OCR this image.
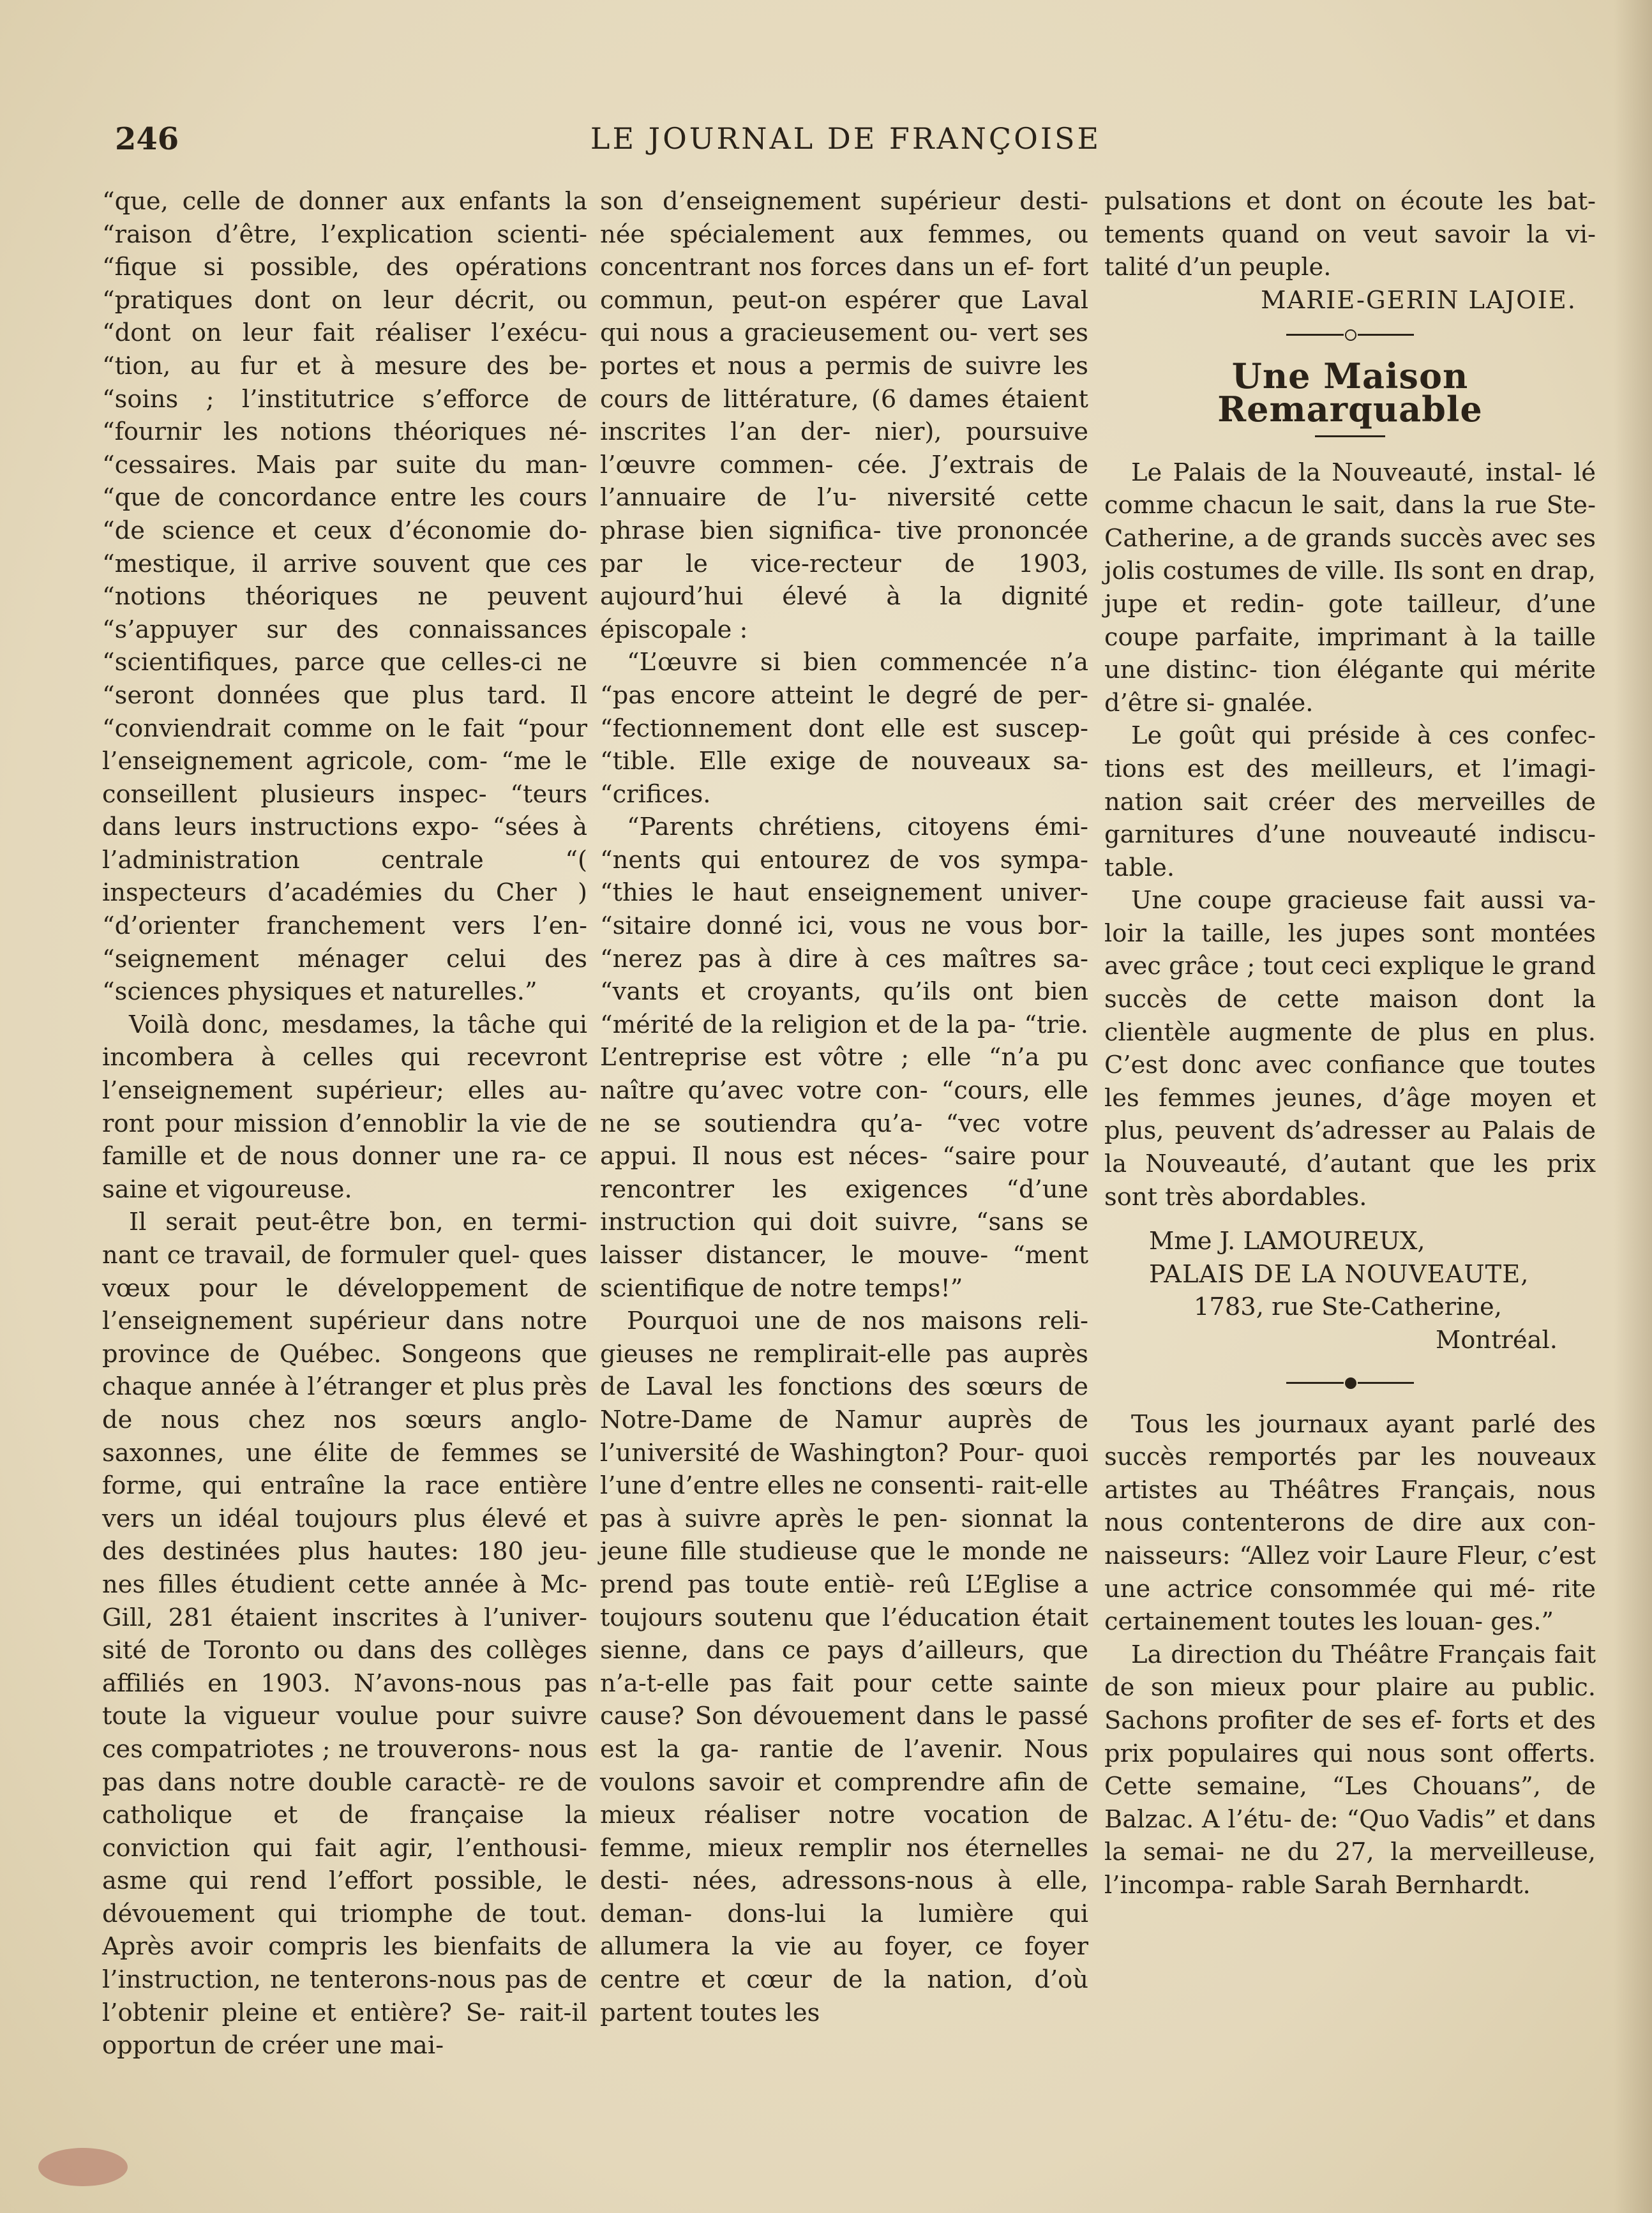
246	LE JOURNAL DE FRANÇOISE

“que, celle de donner aux enfants la “raison d’être, l’explication scienti- “fique si possible, des opérations “pratiques dont on leur décrit, ou “dont on leur fait réaliser l’exécu- “tion, au fur et à mesure des be- “soins ; l’institutrice s’efforce de “fournir les notions théoriques né- “cessaires. Mais par suite du man- “que de concordance entre les cours “de science et ceux d’économie do- “mestique, il arrive souvent que ces “notions théoriques ne peuvent “s’appuyer sur des connaissances “scientifiques, parce que celles-ci ne “seront données que plus tard. Il “conviendrait comme on le fait “pour l’enseignement agricole, com- “me le conseillent plusieurs inspec- “teurs dans leurs instructions expo- “sées à l’administration centrale “( inspecteurs d’académies du Cher ) “d’orienter franchement vers l’en- “seignement ménager celui des “sciences physiques et naturelles.”

Voilà donc, mesdames, la tâche qui incombera à celles qui recevront l’enseignement supérieur; elles au- ront pour mission d’ennoblir la vie de famille et de nous donner une ra- ce saine et vigoureuse.

Il serait peut-être bon, en termi- nant ce travail, de formuler quel- ques vœux pour le développement de l’enseignement supérieur dans notre province de Québec. Songeons que chaque année à l’étranger et plus près de nous chez nos sœurs anglo- saxonnes, une élite de femmes se forme, qui entraîne la race entière vers un idéal toujours plus élevé et des destinées plus hautes: 180 jeu- nes filles étudient cette année à Mc- Gill, 281 étaient inscrites à l’univer- sité de Toronto ou dans des collèges affiliés en 1903. N’avons-nous pas toute la vigueur voulue pour suivre ces compatriotes ; ne trouverons- nous pas dans notre double caractè- re de catholique et de française la conviction qui fait agir, l’enthousi- asme qui rend l’effort possible, le dévouement qui triomphe de tout. Après avoir compris les bienfaits de l’instruction, ne tenterons-nous pas de l’obtenir pleine et entière? Se- rait-il opportun de créer une mai-

son d’enseignement supérieur desti- née spécialement aux femmes, ou concentrant nos forces dans un ef- fort commun, peut-on espérer que Laval qui nous a gracieusement ou- vert ses portes et nous a permis de suivre les cours de littérature, (6 dames étaient inscrites l’an der- nier), poursuive l’œuvre commen- cée. J’extrais de l’annuaire de l’u- niversité cette phrase bien significa- tive prononcée par le vice-recteur de 1903, aujourd’hui élevé à la dignité épiscopale :

“L’œuvre si bien commencée n’a “pas encore atteint le degré de per- “fectionnement dont elle est suscep- “tible. Elle exige de nouveaux sa- “crifices.

“Parents chrétiens, citoyens émi- “nents qui entourez de vos sympa- “thies le haut enseignement univer- “sitaire donné ici, vous ne vous bor- “nerez pas à dire à ces maîtres sa- “vants et croyants, qu’ils ont bien “mérité de la religion et de la pa- “trie. L’entreprise est vôtre ; elle “n’a pu naître qu’avec votre con- “cours, elle ne se soutiendra qu’a- “vec votre appui. Il nous est néces- “saire pour rencontrer les exigences “d’une instruction qui doit suivre, “sans se laisser distancer, le mouve- “ment scientifique de notre temps!”

Pourquoi une de nos maisons reli- gieuses ne remplirait-elle pas auprès de Laval les fonctions des sœurs de Notre-Dame de Namur auprès de l’université de Washington? Pour- quoi l’une d’entre elles ne consenti- rait-elle pas à suivre après le pen- sionnat la jeune fille studieuse que le monde ne prend pas toute entiè- reû L’Eglise a toujours soutenu que l’éducation était sienne, dans ce pays d’ailleurs, que n’a-t-elle pas fait pour cette sainte cause? Son dévouement dans le passé est la ga- rantie de l’avenir. Nous voulons savoir et comprendre afin de mieux réaliser notre vocation de femme, mieux remplir nos éternelles desti- nées, adressons-nous à elle, deman- dons-lui la lumière qui allumera la vie au foyer, ce foyer centre et cœur de la nation, d’où partent toutes les

pulsations et dont on écoute les bat- tements quand on veut savoir la vi- talité d’un peuple.

MARIE-GERIN LAJOIE.
Une Maison Remarquable

Le Palais de la Nouveauté, instal- lé comme chacun le sait, dans la rue Ste-Catherine, a de grands succès avec ses jolis costumes de ville. Ils sont en drap, jupe et redin- gote tailleur, d’une coupe parfaite, imprimant à la taille une distinc- tion élégante qui mérite d’être si- gnalée.

Le goût qui préside à ces confec- tions est des meilleurs, et l’imagi- nation sait créer des merveilles de garnitures d’une nouveauté indiscu- table.

Une coupe gracieuse fait aussi va- loir la taille, les jupes sont montées avec grâce ; tout ceci explique le grand succès de cette maison dont la clientèle augmente de plus en plus. C’est donc avec confiance que toutes les femmes jeunes, d’âge moyen et plus, peuvent ds’adresser au Palais de la Nouveauté, d’autant que les prix sont très abordables.

Mme J. LAMOUREUX,

PALAIS DE LA NOUVEAUTE,

1783, rue Ste-Catherine,

Montréal.

Tous les journaux ayant parlé des succès remportés par les nouveaux artistes au Théâtres Français, nous nous contenterons de dire aux con- naisseurs: “Allez voir Laure Fleur, c’est une actrice consommée qui mé- rite certainement toutes les louan- ges.”

La direction du Théâtre Français fait de son mieux pour plaire au public. Sachons profiter de ses ef- forts et des prix populaires qui nous sont offerts. Cette semaine, “Les Chouans”, de Balzac. A l’étu- de: “Quo Vadis” et dans la semai- ne du 27, la merveilleuse, l’incompa- rable Sarah Bernhardt.
